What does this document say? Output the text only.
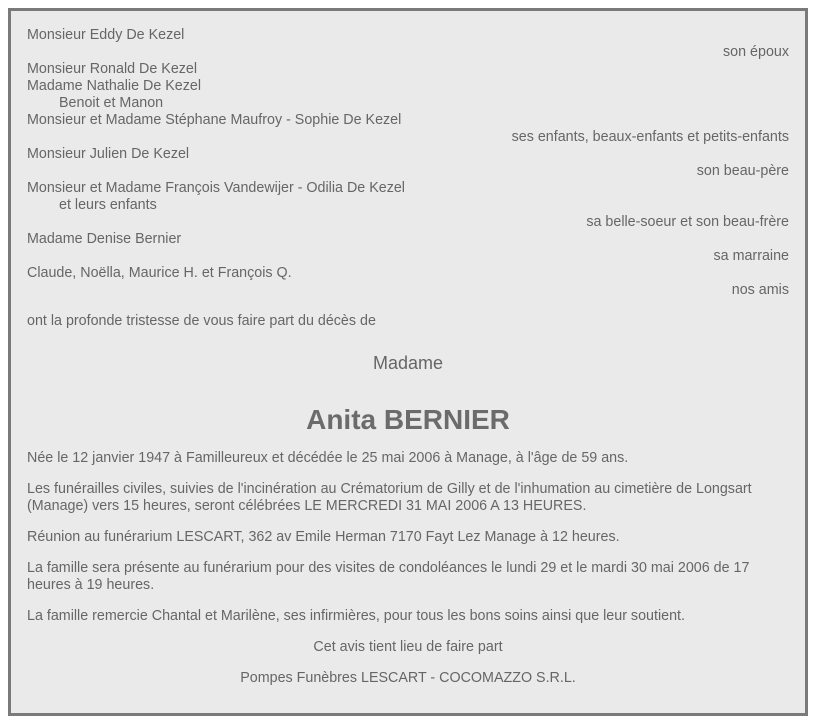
Monsieur Eddy De Kezel
son époux
Monsieur Ronald De Kezel
Madame Nathalie De Kezel
Benoit et Manon
Monsieur et Madame Stéphane Maufroy - Sophie De Kezel
ses enfants, beaux-enfants et petits-enfants
Monsieur Julien De Kezel
son beau-père
Monsieur et Madame François Vandewijer - Odilia De Kezel
et leurs enfants
sa belle-soeur et son beau-frère
Madame Denise Bernier
sa marraine
Claude, Noëlla, Maurice H. et François Q.
nos amis
ont la profonde tristesse de vous faire part du décès de
Madame
Anita BERNIER
Née le 12 janvier 1947 à Familleureux et décédée le 25 mai 2006 à Manage, à l'âge de 59 ans.
Les funérailles civiles, suivies de l'incinération au Crématorium de Gilly et de l'inhumation au cimetière de Longsart (Manage) vers 15 heures, seront célébrées LE MERCREDI 31 MAI 2006 A 13 HEURES.
Réunion au funérarium LESCART, 362 av Emile Herman 7170 Fayt Lez Manage à 12 heures.
La famille sera présente au funérarium pour des visites de condoléances le lundi 29 et le mardi 30 mai 2006 de 17 heures à 19 heures.
La famille remercie Chantal et Marilène, ses infirmières, pour tous les bons soins ainsi que leur soutient.
Cet avis tient lieu de faire part
Pompes Funèbres LESCART - COCOMAZZO S.R.L.
